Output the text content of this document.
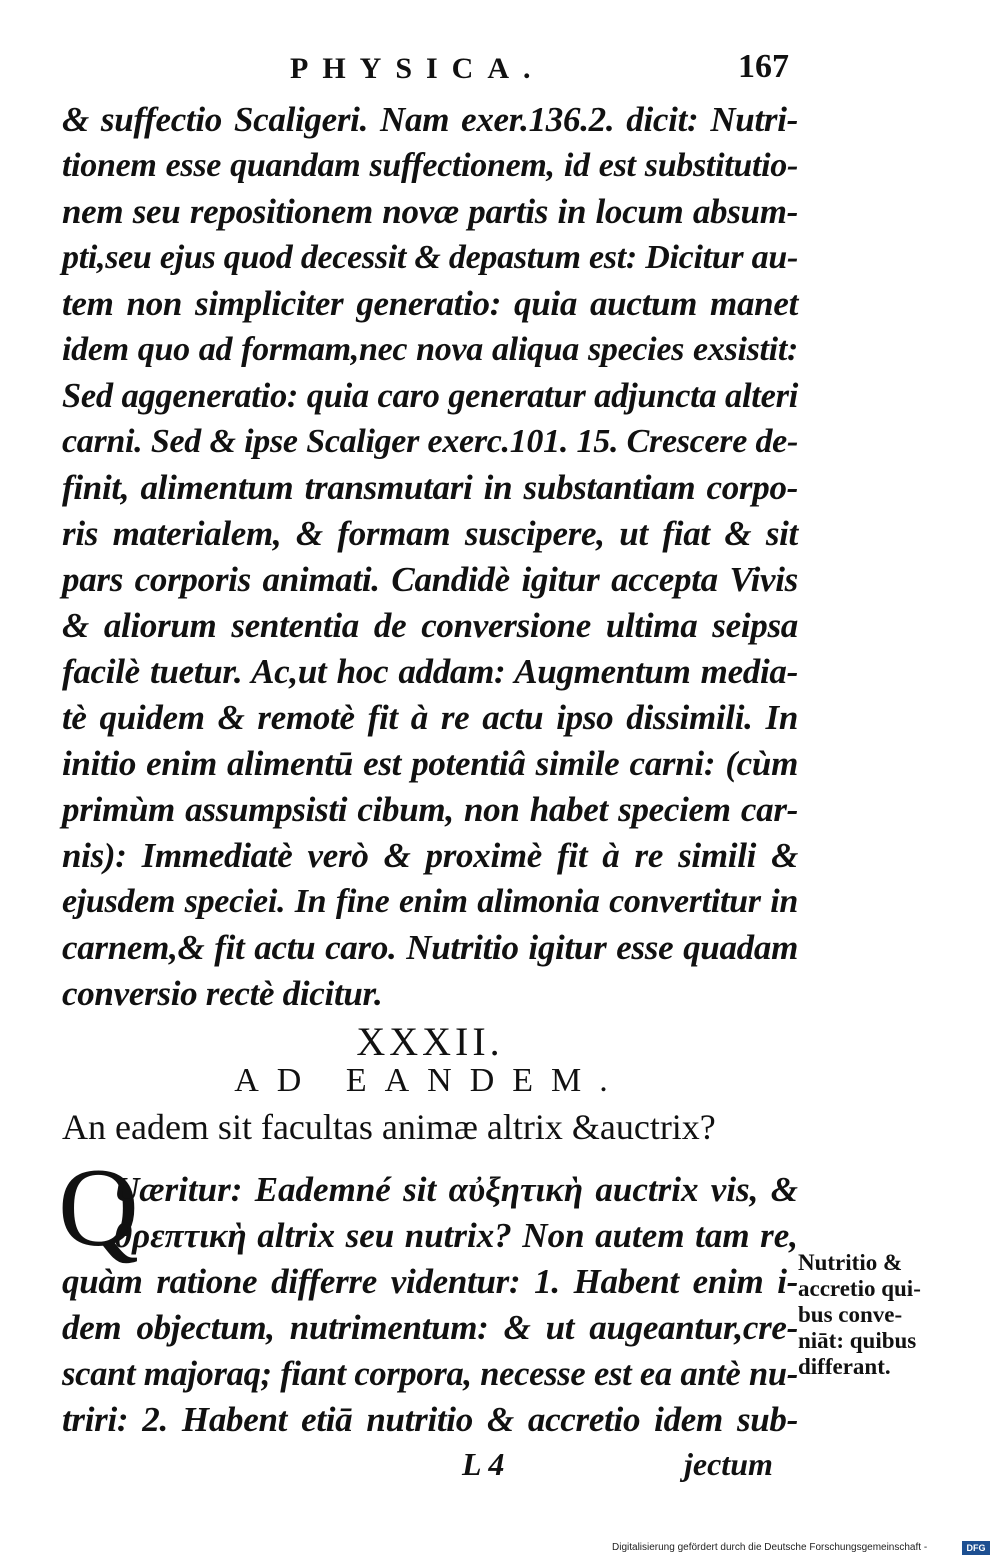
PHYSICA.	167
& suffectio Scaligeri. Nam exer.136.2. dicit: Nutri-
tionem esse quandam suffectionem, id est substitutio-
nem seu repositionem novæ partis in locum absum-
pti,seu ejus quod decessit & depastum est: Dicitur au-
tem non simpliciter generatio: quia auctum manet
idem quo ad formam,nec nova aliqua species exsistit:
Sed aggeneratio: quia caro generatur adjuncta alteri
carni. Sed & ipse Scaliger exerc.101. 15. Crescere de-
finit, alimentum transmutari in substantiam corpo-
ris materialem, & formam suscipere, ut fiat & sit
pars corporis animati. Candidè igitur accepta Vivis
& aliorum sententia de conversione ultima seipsa
facilè tuetur. Ac,ut hoc addam: Augmentum media-
tè quidem & remotè fit à re actu ipso dissimili. In
initio enim alimentū est potentiâ simile carni: (cùm
primùm assumpsisti cibum, non habet speciem car-
nis): Immediatè verò & proximè fit à re simili &
ejusdem speciei. In fine enim alimonia convertitur in
carnem,& fit actu caro. Nutritio igitur esse quadam
conversio rectè dicitur.
XXXII.
AD EANDEM.
An eadem sit facultas animæ altrix &auctrix?
Q
Uæritur: Eademné sit αὐξητικὴ auctrix vis, &
θρεπτικὴ altrix seu nutrix? Non autem tam re,
quàm ratione differre videntur: 1. Habent enim i-
dem objectum, nutrimentum: & ut augeantur,cre-
scant majoraq; fiant corpora, necesse est ea antè nu-
triri: 2. Habent etiā nutritio & accretio idem sub-
Nutritio &
accretio qui-
bus conve-
niāt: quibus
differant.
L 4	jectum
Digitalisierung gefördert durch die Deutsche Forschungsgemeinschaft -	DFG
